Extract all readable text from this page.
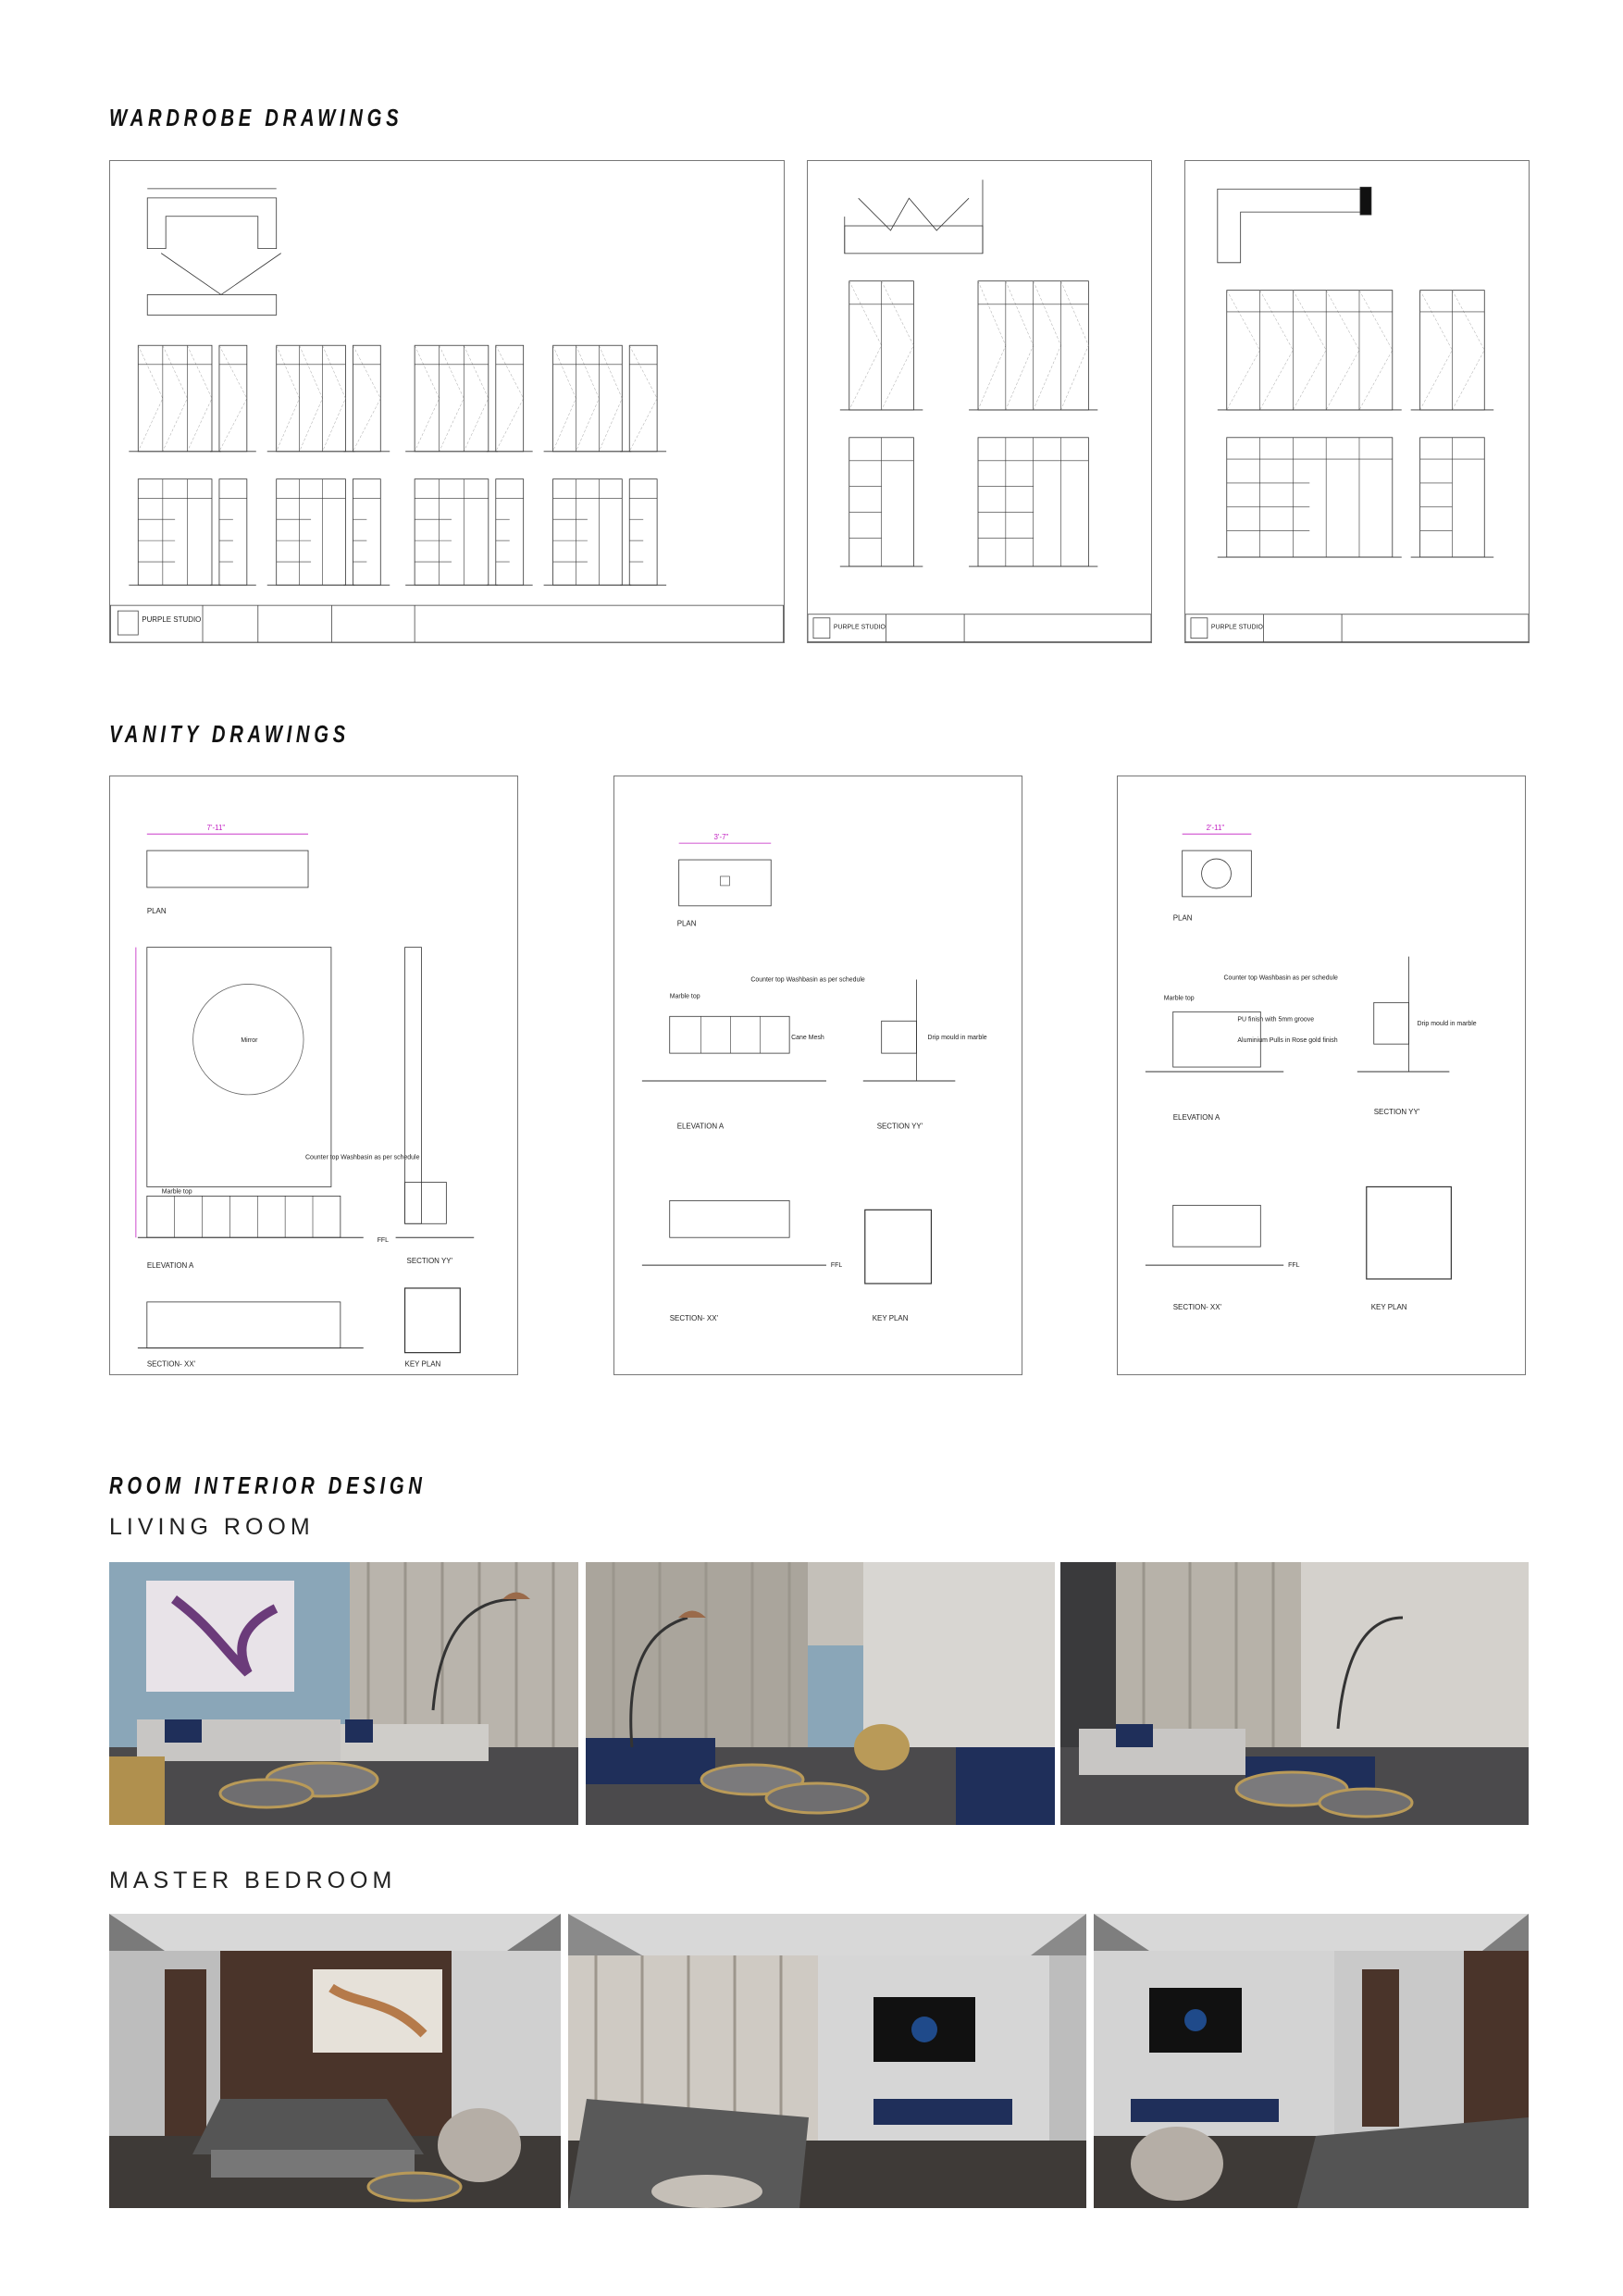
WARDROBE DRAWINGS
PURPLE STUDIO
PURPLE STUDIO	PURPLE STUDIO
VANITY DRAWINGS
7'-11"
PLAN
Mirror
Counter top Washbasin as per schedule
Marble top
ELEVATION A
SECTION YY'
SECTION- XX'	KEY PLAN
FFL
3'-7"
PLAN
Counter top Washbasin as per schedule
Marble top
Cane Mesh
ELEVATION A
Drip mould in marble
SECTION YY'
FFL
SECTION- XX'	KEY PLAN
2'-11"
PLAN
Counter top Washbasin as per schedule
Marble top
PU finish with 5mm groove
Aluminium Pulls in Rose gold finish
ELEVATION A
Drip mould in marble
SECTION YY'
FFL
SECTION- XX'	KEY PLAN
ROOM INTERIOR DESIGN
LIVING ROOM
MASTER BEDROOM
